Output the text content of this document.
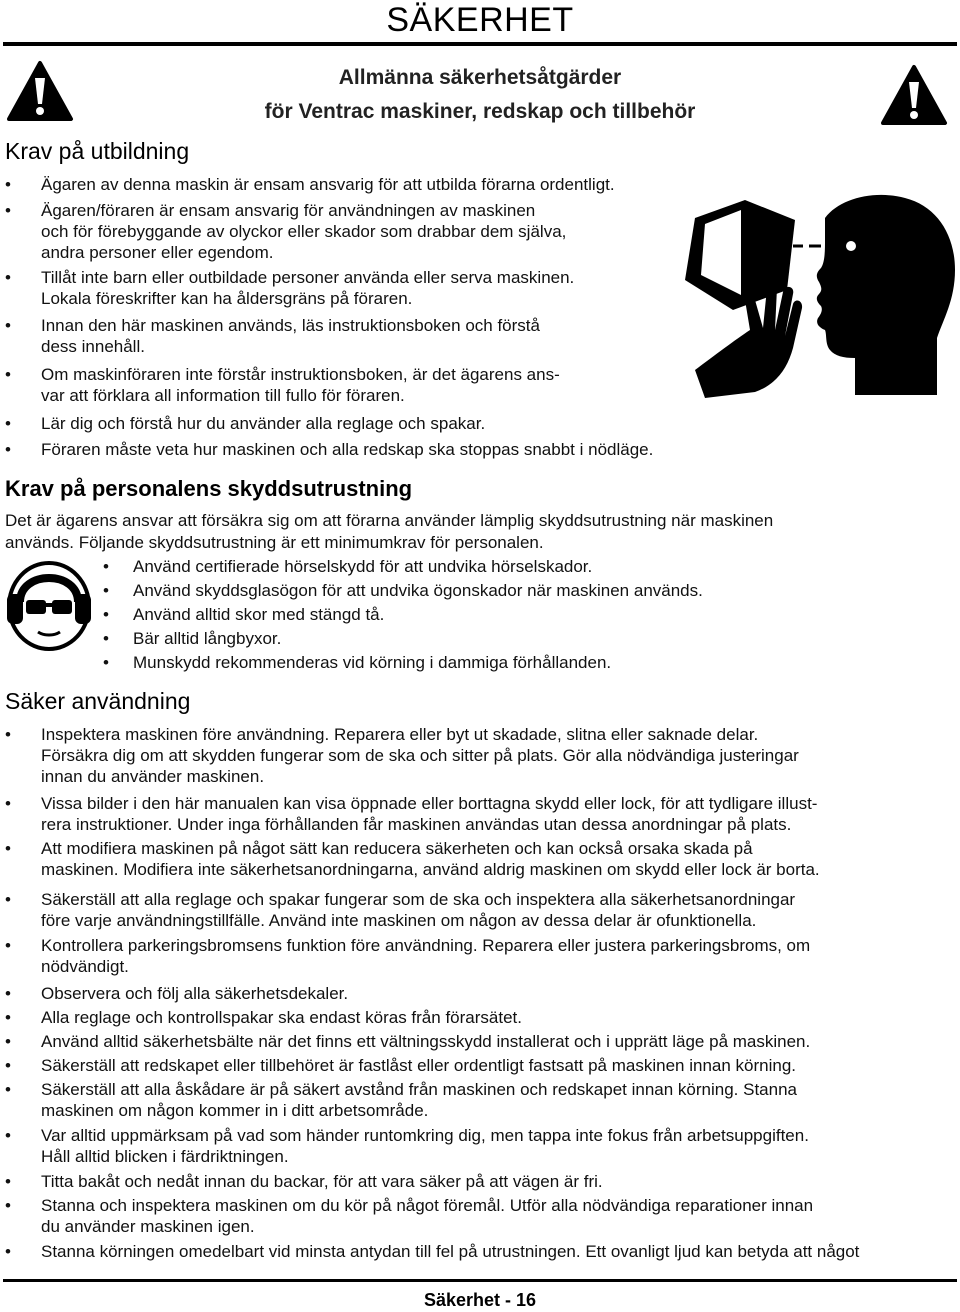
SÄKERHET
Allmänna säkerhetsåtgärder
för Ventrac maskiner, redskap och tillbehör
Krav på utbildning
• Ägaren av denna maskin är ensam ansvarig för att utbilda förarna ordentligt.
• Ägaren/föraren är ensam ansvarig för användningen av maskinen
och för förebyggande av olyckor eller skador som drabbar dem själva,
andra personer eller egendom.
• Tillåt inte barn eller outbildade personer använda eller serva maskinen.
Lokala föreskrifter kan ha åldersgräns på föraren.
• Innan den här maskinen används, läs instruktionsboken och förstå
dess innehåll.
• Om maskinföraren inte förstår instruktionsboken, är det ägarens ans-
var att förklara all information till fullo för föraren.
• Lär dig och förstå hur du använder alla reglage och spakar.
• Föraren måste veta hur maskinen och alla redskap ska stoppas snabbt i nödläge.
Krav på personalens skyddsutrustning
Det är ägarens ansvar att försäkra sig om att förarna använder lämplig skyddsutrustning när maskinen
används. Följande skyddsutrustning är ett minimumkrav för personalen.
• Använd certifierade hörselskydd för att undvika hörselskador.
• Använd skyddsglasögon för att undvika ögonskador när maskinen används.
• Använd alltid skor med stängd tå.
• Bär alltid långbyxor.
• Munskydd rekommenderas vid körning i dammiga förhållanden.
Säker användning
• Inspektera maskinen före användning. Reparera eller byt ut skadade, slitna eller saknade delar.
Försäkra dig om att skydden fungerar som de ska och sitter på plats. Gör alla nödvändiga justeringar
innan du använder maskinen.
• Vissa bilder i den här manualen kan visa öppnade eller borttagna skydd eller lock, för att tydligare illust-
rera instruktioner. Under inga förhållanden får maskinen användas utan dessa anordningar på plats.
• Att modifiera maskinen på något sätt kan reducera säkerheten och kan också orsaka skada på
maskinen. Modifiera inte säkerhetsanordningarna, använd aldrig maskinen om skydd eller lock är borta.
• Säkerställ att alla reglage och spakar fungerar som de ska och inspektera alla säkerhetsanordningar
före varje användningstillfälle. Använd inte maskinen om någon av dessa delar är ofunktionella.
• Kontrollera parkeringsbromsens funktion före användning. Reparera eller justera parkeringsbroms, om
nödvändigt.
• Observera och följ alla säkerhetsdekaler.
• Alla reglage och kontrollspakar ska endast köras från förarsätet.
• Använd alltid säkerhetsbälte när det finns ett vältningsskydd installerat och i upprätt läge på maskinen.
• Säkerställ att redskapet eller tillbehöret är fastlåst eller ordentligt fastsatt på maskinen innan körning.
• Säkerställ att alla åskådare är på säkert avstånd från maskinen och redskapet innan körning. Stanna
maskinen om någon kommer in i ditt arbetsområde.
• Var alltid uppmärksam på vad som händer runtomkring dig, men tappa inte fokus från arbetsuppgiften.
Håll alltid blicken i färdriktningen.
• Titta bakåt och nedåt innan du backar, för att vara säker på att vägen är fri.
• Stanna och inspektera maskinen om du kör på något föremål. Utför alla nödvändiga reparationer innan
du använder maskinen igen.
• Stanna körningen omedelbart vid minsta antydan till fel på utrustningen. Ett ovanligt ljud kan betyda att något
Säkerhet - 16
